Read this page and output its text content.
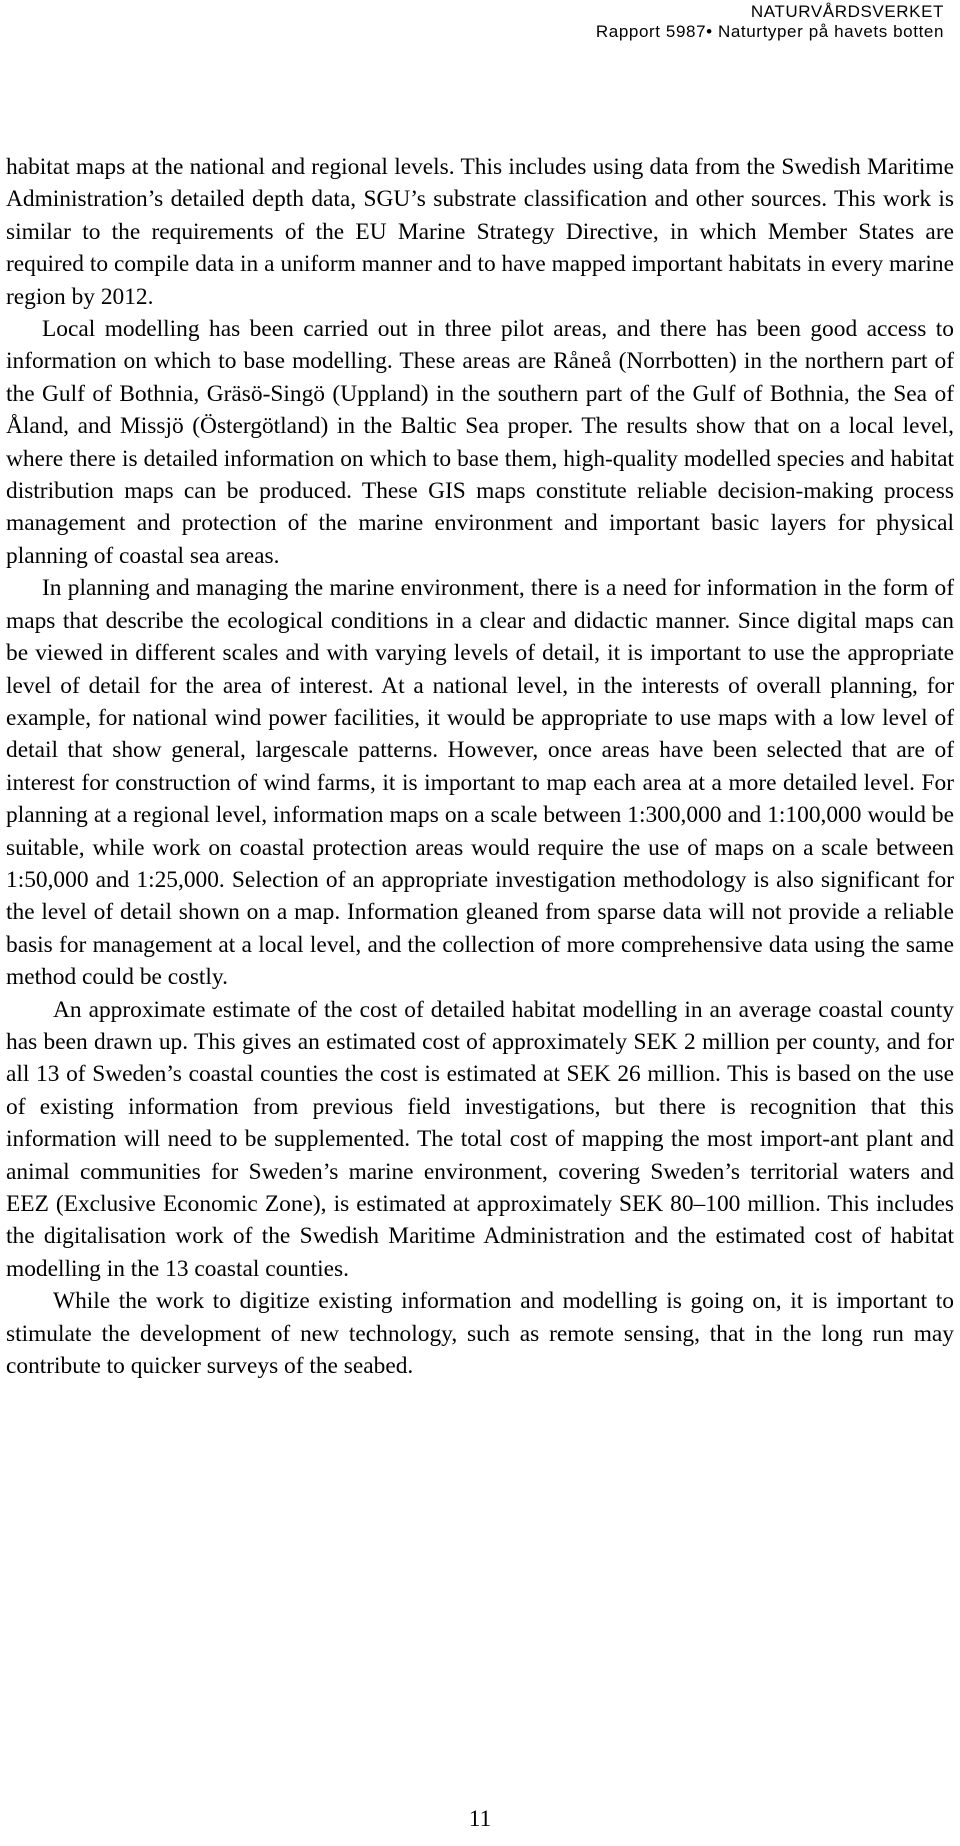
NATURVÅRDSVERKET
Rapport 5987• Naturtyper på havets botten

habitat maps at the national and regional levels. This includes using data from the Swedish Maritime Administration’s detailed depth data, SGU’s substrate classification and other sources. This work is similar to the requirements of the EU Marine Strategy Directive, in which Member States are required to compile data in a uniform manner and to have mapped important habitats in every marine region by 2012.

Local modelling has been carried out in three pilot areas, and there has been good access to information on which to base modelling. These areas are Råneå (Norrbotten) in the northern part of the Gulf of Bothnia, Gräsö-Singö (Uppland) in the southern part of the Gulf of Bothnia, the Sea of Åland, and Missjö (Östergötland) in the Baltic Sea proper. The results show that on a local level, where there is detailed information on which to base them, high-quality modelled species and habitat distribution maps can be produced. These GIS maps constitute reliable decision-making process management and protection of the marine environment and important basic layers for physical planning of coastal sea areas.

In planning and managing the marine environment, there is a need for information in the form of maps that describe the ecological conditions in a clear and didactic manner. Since digital maps can be viewed in different scales and with varying levels of detail, it is important to use the appropriate level of detail for the area of interest. At a national level, in the interests of overall planning, for example, for national wind power facilities, it would be appropriate to use maps with a low level of detail that show general, largescale patterns. However, once areas have been selected that are of interest for construction of wind farms, it is important to map each area at a more detailed level. For planning at a regional level, information maps on a scale between 1:300,000 and 1:100,000 would be suitable, while work on coastal protection areas would require the use of maps on a scale between 1:50,000 and 1:25,000. Selection of an appropriate investigation methodology is also significant for the level of detail shown on a map. Information gleaned from sparse data will not provide a reliable basis for management at a local level, and the collection of more comprehensive data using the same method could be costly.

An approximate estimate of the cost of detailed habitat modelling in an average coastal county has been drawn up. This gives an estimated cost of approximately SEK 2 million per county, and for all 13 of Sweden’s coastal counties the cost is estimated at SEK 26 million. This is based on the use of existing information from previous field investigations, but there is recognition that this information will need to be supplemented. The total cost of mapping the most import-ant plant and animal communities for Sweden’s marine environment, covering Sweden’s territorial waters and EEZ (Exclusive Economic Zone), is estimated at approximately SEK 80–100 million. This includes the digitalisation work of the Swedish Maritime Administration and the estimated cost of habitat modelling in the 13 coastal counties.

While the work to digitize existing information and modelling is going on, it is important to stimulate the development of new technology, such as remote sensing, that in the long run may contribute to quicker surveys of the seabed.

11
